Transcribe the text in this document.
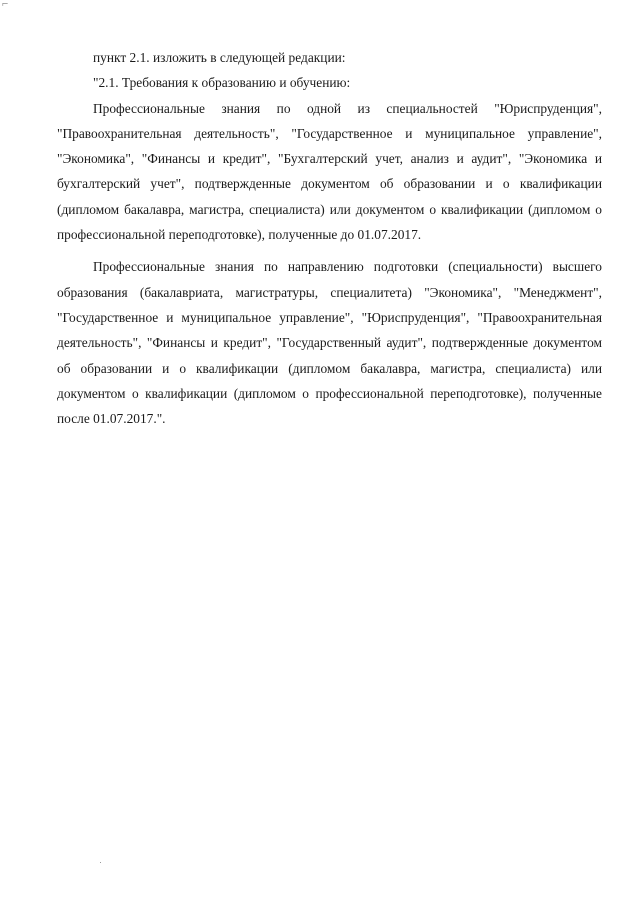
⌐

пункт 2.1. изложить в следующей редакции:

"2.1. Требования к образованию и обучению:

Профессиональные знания по одной из специальностей "Юриспруденция", "Правоохранительная деятельность", "Государственное и муниципальное управление", "Экономика", "Финансы и кредит", "Бухгалтерский учет, анализ и аудит", "Экономика и бухгалтерский учет", подтвержденные документом об образовании и о квалификации (дипломом бакалавра, магистра, специалиста) или документом о квалификации (дипломом о профессиональной переподготовке), полученные до 01.07.2017.

Профессиональные знания по направлению подготовки (специальности) высшего образования (бакалавриата, магистратуры, специалитета) "Экономика", "Менеджмент", "Государственное и муниципальное управление", "Юриспруденция", "Правоохранительная деятельность", "Финансы и кредит", "Государственный аудит", подтвержденные документом об образовании и о квалификации (дипломом бакалавра, магистра, специалиста) или документом о квалификации (дипломом о профессиональной переподготовке), полученные после 01.07.2017.".
